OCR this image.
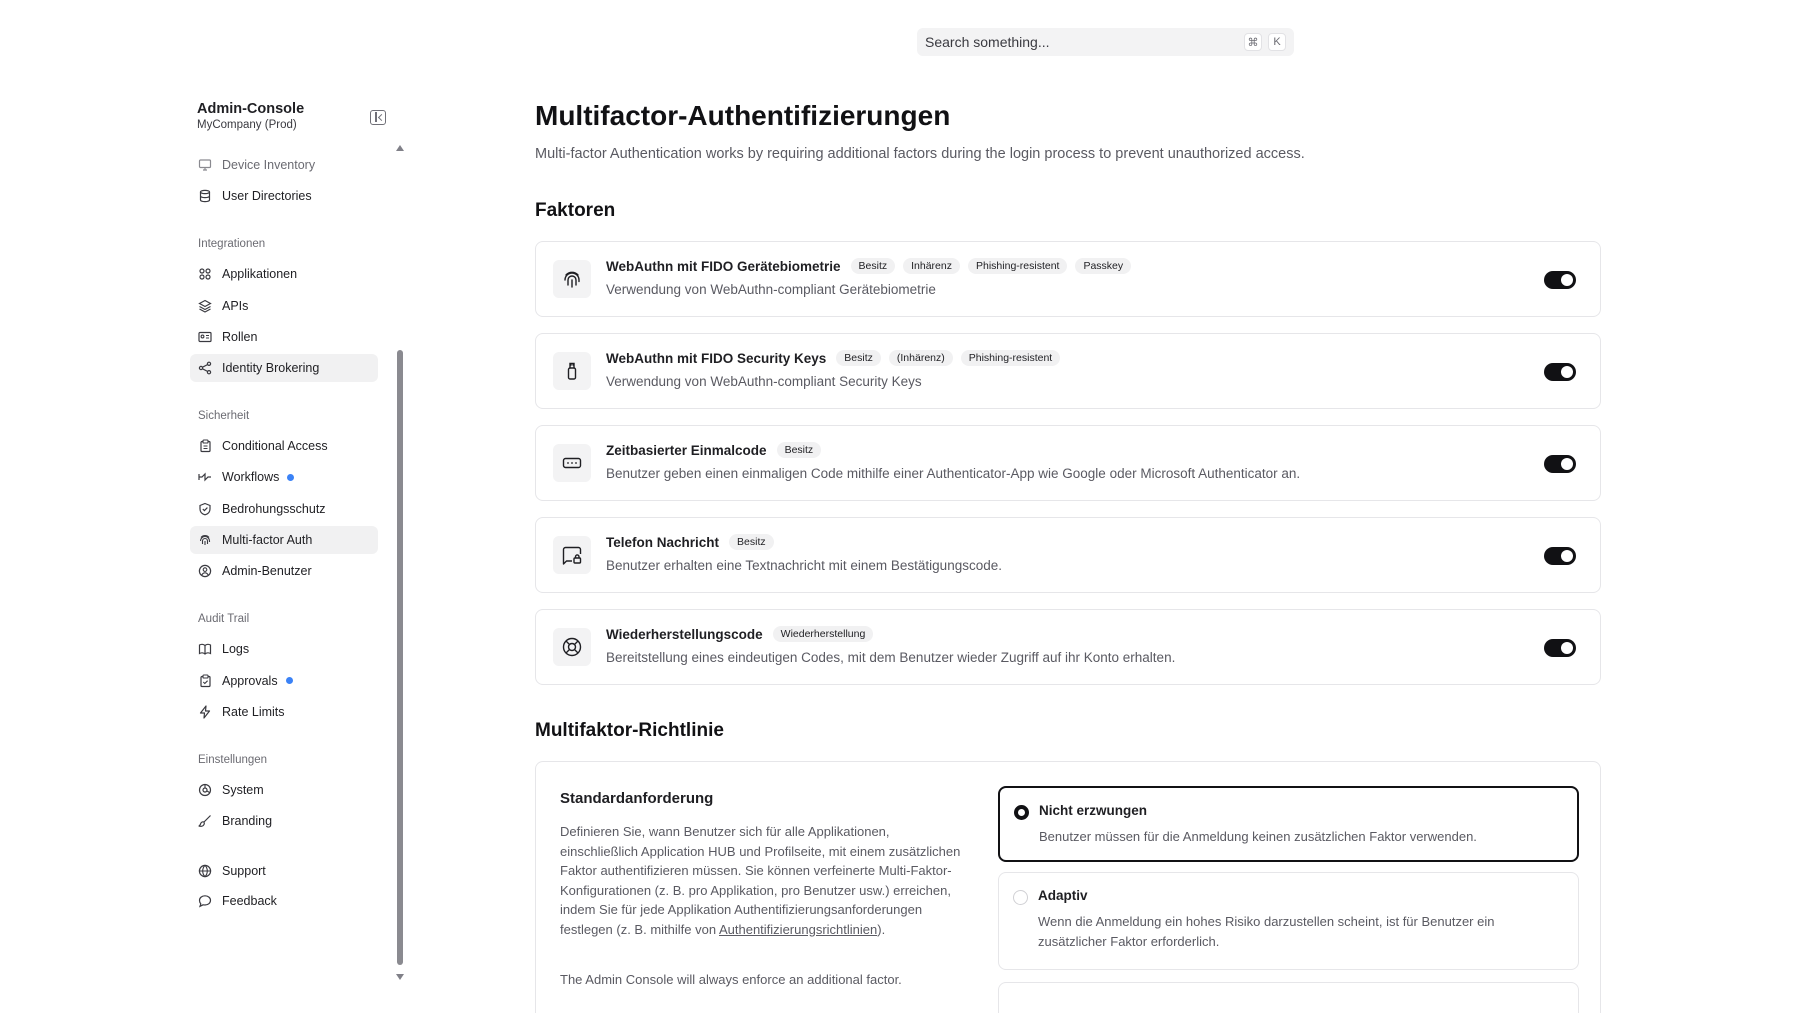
Search something...	⌘	K
Admin-Console
MyCompany (Prod)
Device Inventory
User Directories
Integrationen
Applikationen
APIs
Rollen
Identity Brokering
Sicherheit
Conditional Access
Workflows
Bedrohungsschutz
Multi-factor Auth
Admin-Benutzer
Audit Trail
Logs
Approvals
Rate Limits
Einstellungen
System
Branding
Support
Feedback
Multifactor-Authentifizierungen

Multi-factor Authentication works by requiring additional factors during the login process to prevent unauthorized access.

Faktoren
WebAuthn mit FIDO Gerätebiometrie	Besitz	Inhärenz	Phishing-resistent	Passkey
Verwendung von WebAuthn-compliant Gerätebiometrie
WebAuthn mit FIDO Security Keys	Besitz	(Inhärenz)	Phishing-resistent
Verwendung von WebAuthn-compliant Security Keys
Zeitbasierter Einmalcode	Besitz
Benutzer geben einen einmaligen Code mithilfe einer Authenticator-App wie Google oder Microsoft Authenticator an.
Telefon Nachricht	Besitz
Benutzer erhalten eine Textnachricht mit einem Bestätigungscode.
Wiederherstellungscode	Wiederherstellung
Bereitstellung eines eindeutigen Codes, mit dem Benutzer wieder Zugriff auf ihr Konto erhalten.
Multifaktor-Richtlinie
Standardanforderung
Definieren Sie, wann Benutzer sich für alle Applikationen, einschließlich Application HUB und Profilseite, mit einem zusätzlichen Faktor authentifizieren müssen. Sie können verfeinerte Multi-Faktor-Konfigurationen (z. B. pro Applikation, pro Benutzer usw.) erreichen, indem Sie für jede Applikation Authentifizierungsanforderungen festlegen (z. B. mithilfe von Authentifizierungsrichtlinien).
The Admin Console will always enforce an additional factor.
Nicht erzwungen
Benutzer müssen für die Anmeldung keinen zusätzlichen Faktor verwenden.
Adaptiv
Wenn die Anmeldung ein hohes Risiko darzustellen scheint, ist für Benutzer ein zusätzlicher Faktor erforderlich.
